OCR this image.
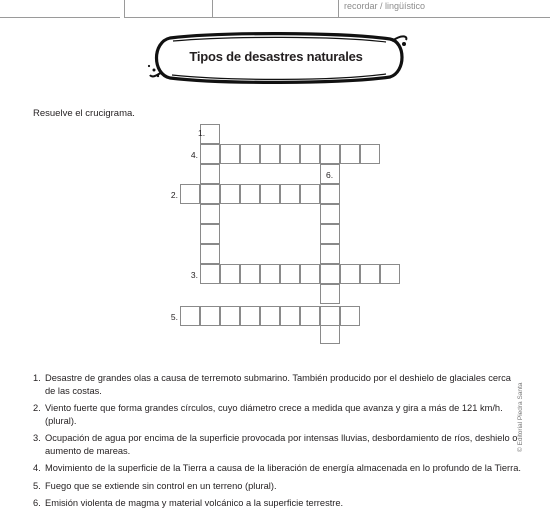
recordar / lingüístico
Tipos de desastres naturales
Resuelve el crucigrama.
1.
4.
6.
2.
3.
5.
1. Desastre de grandes olas a causa de terremoto submarino. También producido por el deshielo de glaciales cerca de las costas.
2. Viento fuerte que forma grandes círculos, cuyo diámetro crece a medida que avanza y gira a más de 121 km/h. (plural).
3. Ocupación de agua por encima de la superficie provocada por intensas lluvias, desbordamiento de ríos, deshielo o aumento de mareas.
4. Movimiento de la superficie de la Tierra a causa de la liberación de energía almacenada en lo profundo de la Tierra.
5. Fuego que se extiende sin control en un terreno (plural).
6. Emisión violenta de magma y material volcánico a la superficie terrestre.
© Editorial Piedra Santa
